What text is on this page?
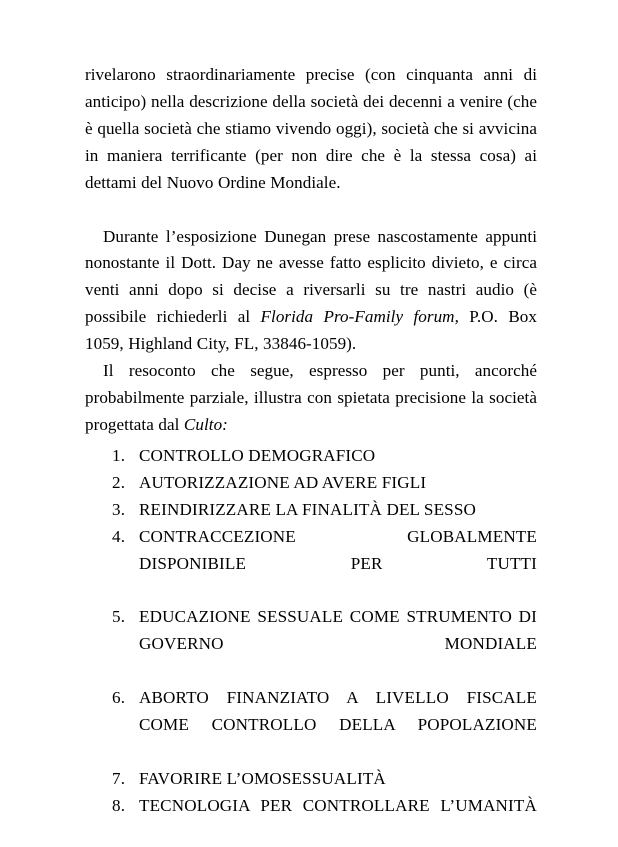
rivelarono straordinariamente precise (con cinquanta anni di anticipo) nella descrizione della società dei decenni a venire (che è quella società che stiamo vivendo oggi), società che si avvicina in maniera terrificante (per non dire che è la stessa cosa) ai dettami del Nuovo Ordine Mondiale.

Durante l’esposizione Dunegan prese nascostamente appunti nonostante il Dott. Day ne avesse fatto esplicito divieto, e circa venti anni dopo si decise a riversarli su tre nastri audio (è possibile richiederli al Florida Pro-Family forum, P.O. Box 1059, Highland City, FL, 33846-1059).

Il resoconto che segue, espresso per punti, ancorché probabilmente parziale, illustra con spietata precisione la società progettata dal Culto:

1. CONTROLLO DEMOGRAFICO
2. AUTORIZZAZIONE AD AVERE FIGLI
3. REINDIRIZZARE LA FINALITÀ DEL SESSO
4. CONTRACCEZIONE GLOBALMENTE DISPONIBILE PER TUTTI
5. EDUCAZIONE SESSUALE COME STRUMENTO DI GOVERNO MONDIALE
6. ABORTO FINANZIATO A LIVELLO FISCALE COME CONTROLLO DELLA POPOLAZIONE
7. FAVORIRE L’OMOSESSUALITÀ
8. TECNOLOGIA PER CONTROLLARE L’UMANITÀ
